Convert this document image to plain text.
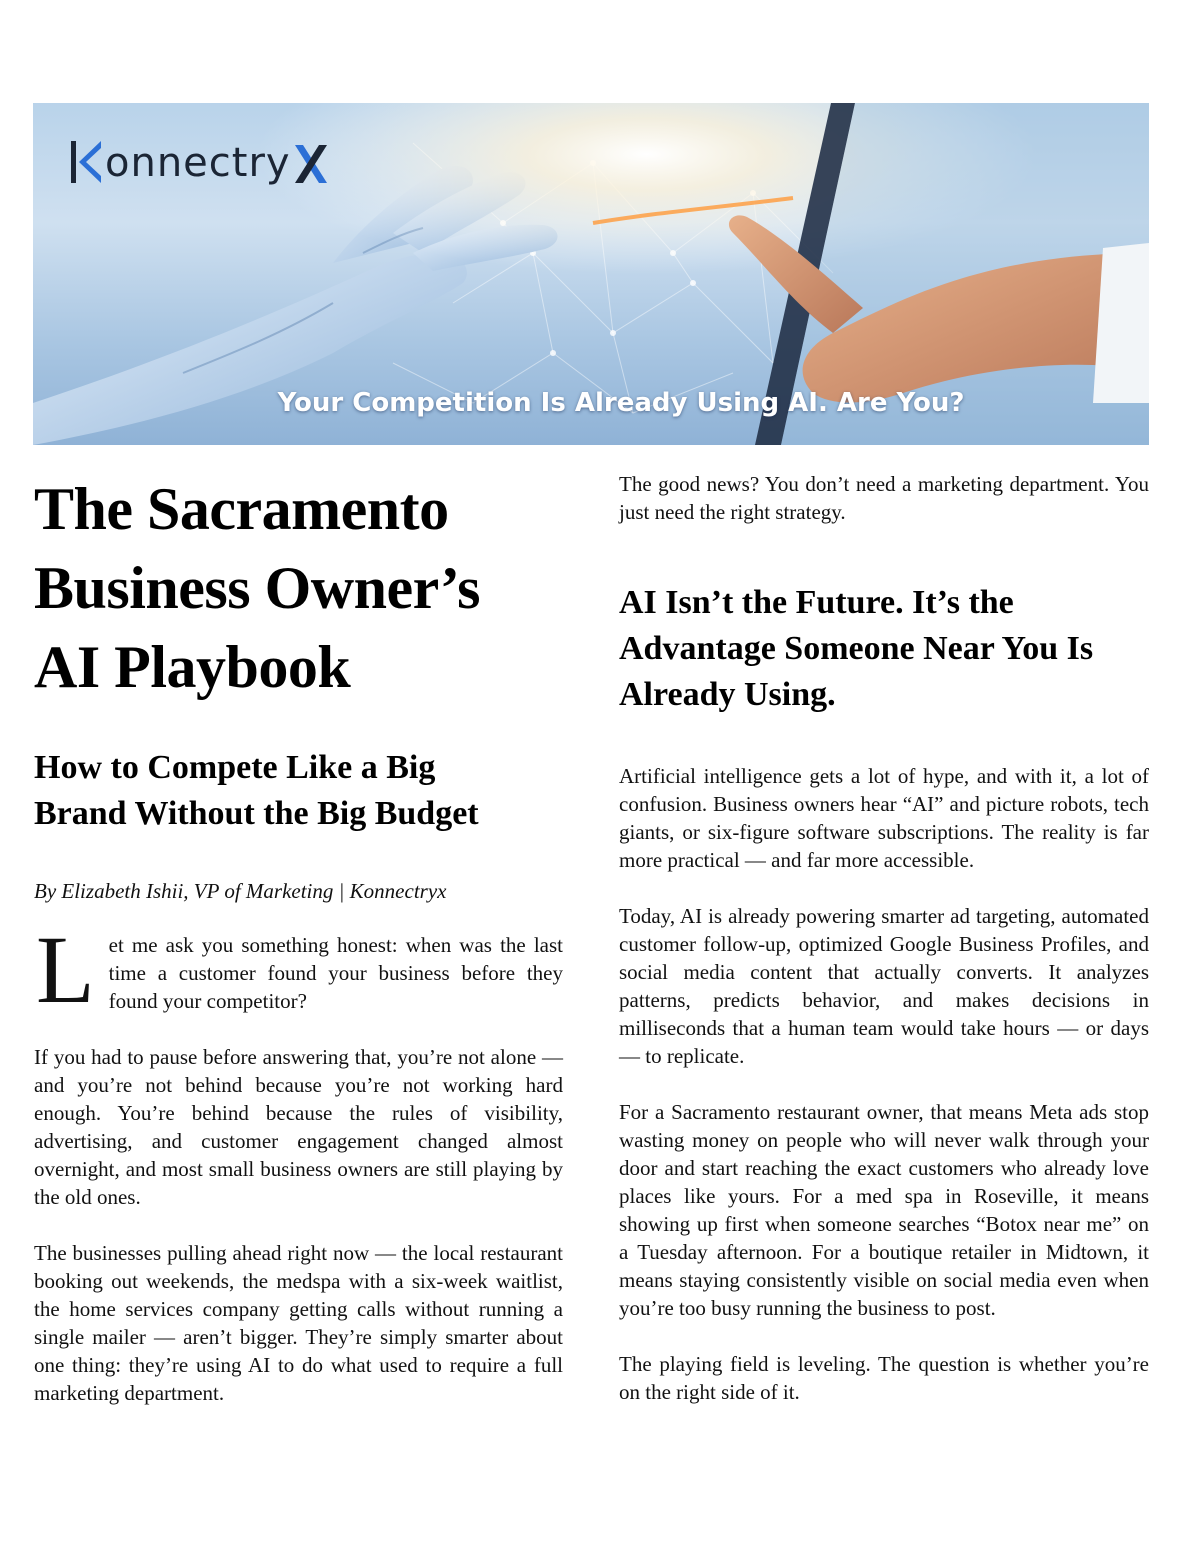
onnectry
Your Competition Is Already Using AI. Are You?
The Sacramento
Business Owner’s
AI Playbook
How to Compete Like a Big
Brand Without the Big Budget

By Elizabeth Ishii, VP of Marketing | Konnectryx

Let me ask you something honest: when was the last time a customer found your business before they found your competitor?

If you had to pause before answering that, you’re not alone — and you’re not behind because you’re not working hard enough. You’re behind because the rules of visibility, advertising, and customer engagement changed almost overnight, and most small business owners are still playing by the old ones.

The businesses pulling ahead right now — the local restaurant booking out weekends, the medspa with a six-week waitlist, the home services company getting calls without running a single mailer — aren’t bigger. They’re simply smarter about one thing: they’re using AI to do what used to require a full marketing department.

The good news? You don’t need a marketing department. You just need the right strategy.

AI Isn’t the Future. It’s the
Advantage Someone Near You Is
Already Using.

Artificial intelligence gets a lot of hype, and with it, a lot of confusion. Business owners hear “AI” and picture robots, tech giants, or six-figure software subscriptions. The reality is far more practical — and far more accessible.

Today, AI is already powering smarter ad targeting, automated customer follow-up, optimized Google Business Profiles, and social media content that actually converts. It analyzes patterns, predicts behavior, and makes decisions in milliseconds that a human team would take hours — or days — to replicate.

For a Sacramento restaurant owner, that means Meta ads stop wasting money on people who will never walk through your door and start reaching the exact customers who already love places like yours. For a med spa in Roseville, it means showing up first when someone searches “Botox near me” on a Tuesday afternoon. For a boutique retailer in Midtown, it means staying consistently visible on social media even when you’re too busy running the business to post.

The playing field is leveling. The question is whether you’re on the right side of it.
